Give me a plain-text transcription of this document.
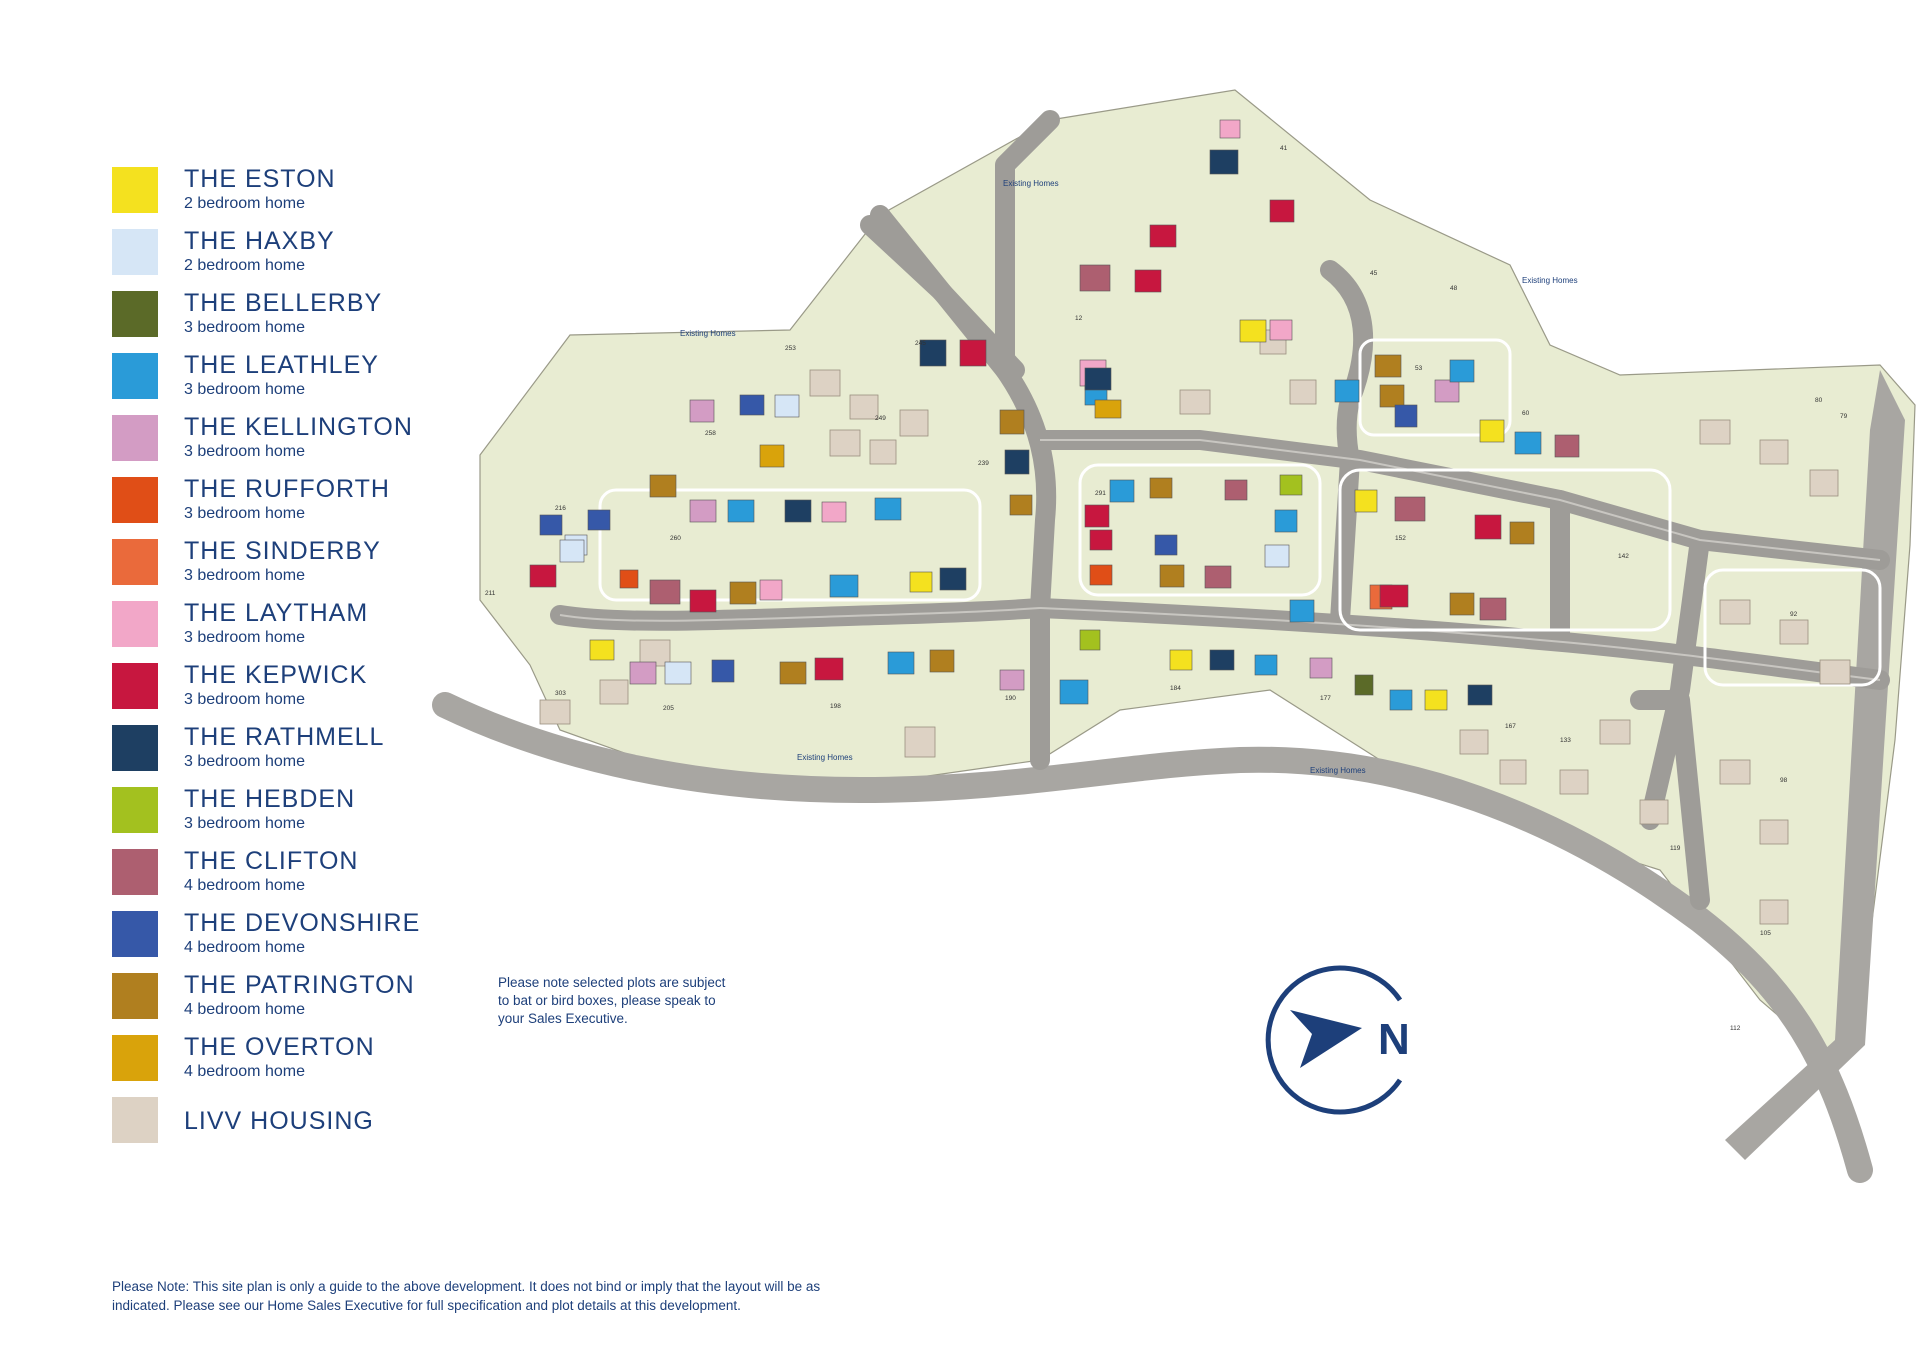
THE ESTON
2 bedroom home
THE HAXBY
2 bedroom home
THE BELLERBY
3 bedroom home
THE LEATHLEY
3 bedroom home
THE KELLINGTON
3 bedroom home
THE RUFFORTH
3 bedroom home
THE SINDERBY
3 bedroom home
THE LAYTHAM
3 bedroom home
THE KEPWICK
3 bedroom home
THE RATHMELL
3 bedroom home
THE HEBDEN
3 bedroom home
THE CLIFTON
4 bedroom home
THE DEVONSHIRE
4 bedroom home
THE PATRINGTON
4 bedroom home
THE OVERTON
4 bedroom home
LIVV HOUSING
253
258
216
211
260
245
249
239
12
41
45
48
53
60
80
79
291
152
142
92
303
205	198
190
184
177
167
133
119
112
105
98
Existing Homes
Existing Homes
Existing Homes
Existing Homes
Existing Homes
N
Please note selected plots are subject to bat or bird boxes, please speak to your Sales Executive.
Please Note: This site plan is only a guide to the above development. It does not bind or imply that the layout will be as indicated. Please see our Home Sales Executive for full specification and plot details at this development.
